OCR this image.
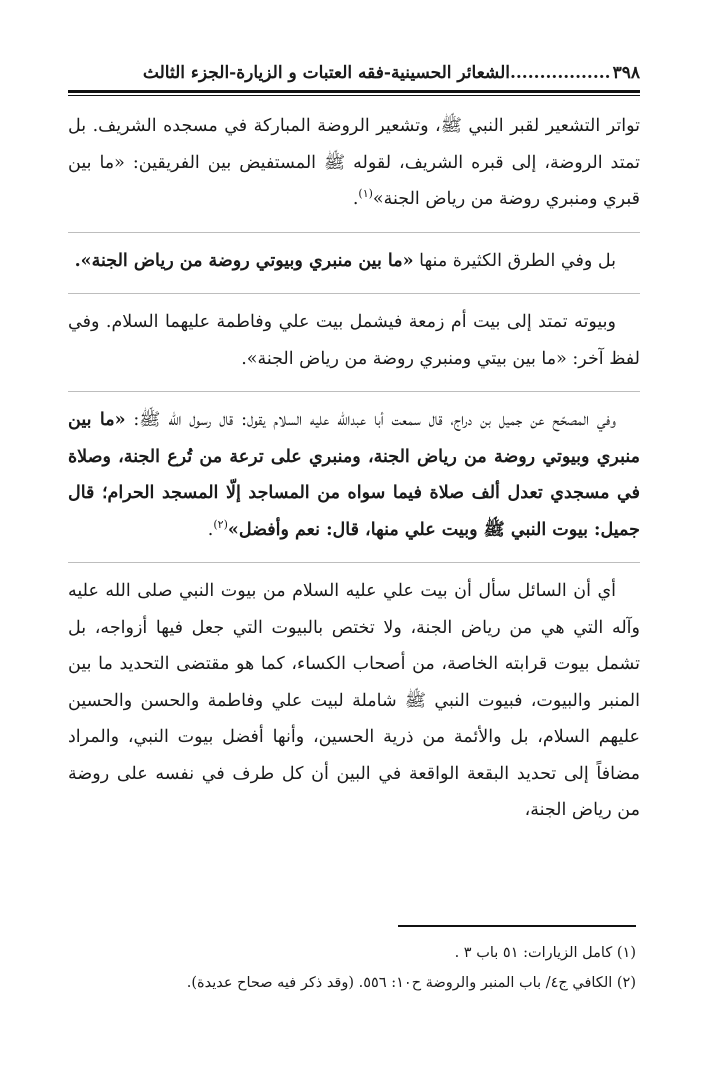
٣٩٨
.................الشعائر الحسينية-فقه العتبات و الزيارة-الجزء الثالث

تواتر التشعير لقبر النبي ﷺ، وتشعير الروضة المباركة في مسجده الشريف. بل تمتد الروضة، إلى قبره الشريف، لقوله ﷺ المستفيض بين الفريقين: «ما بين قبري ومنبري روضة من رياض الجنة»$^{(١)}$.

بل وفي الطرق الكثيرة منها «ما بين منبري وبيوتي روضة من رياض الجنة».

وبيوته تمتد إلى بيت أم زمعة فيشمل بيت علي وفاطمة عليهما السلام. وفي لفظ آخر: «ما بين بيتي ومنبري روضة من رياض الجنة».

وفي المصحّح عن جميل بن دراج، قال سمعت أبا عبدالله عليه السلام يقول: قال رسول الله ﷺ: «ما بين منبري وبيوتي روضة من رياض الجنة، ومنبري على ترعة من تُرع الجنة، وصلاة في مسجدي تعدل ألف صلاة فيما سواه من المساجد إلّا المسجد الحرام؛ قال جميل: بيوت النبي ﷺ وبيت علي منها، قال: نعم وأفضل»$^{(٢)}$.

أي أن السائل سأل أن بيت علي عليه السلام من بيوت النبي صلى الله عليه وآله التي هي من رياض الجنة، ولا تختص بالبيوت التي جعل فيها أزواجه، بل تشمل بيوت قرابته الخاصة، من أصحاب الكساء، كما هو مقتضى التحديد ما بين المنبر والبيوت، فبيوت النبي ﷺ شاملة لبيت علي وفاطمة والحسن والحسين عليهم السلام، بل والأئمة من ذرية الحسين، وأنها أفضل بيوت النبي، والمراد مضافاً إلى تحديد البقعة الواقعة في البين أن كل طرف في نفسه على روضة من رياض الجنة،

(١) كامل الزيارات: ٥١ باب ٣ .
(٢) الكافي ج٤/ باب المنبر والروضة ح١٠: ٥٥٦. (وقد ذكر فيه صحاح عديدة).
